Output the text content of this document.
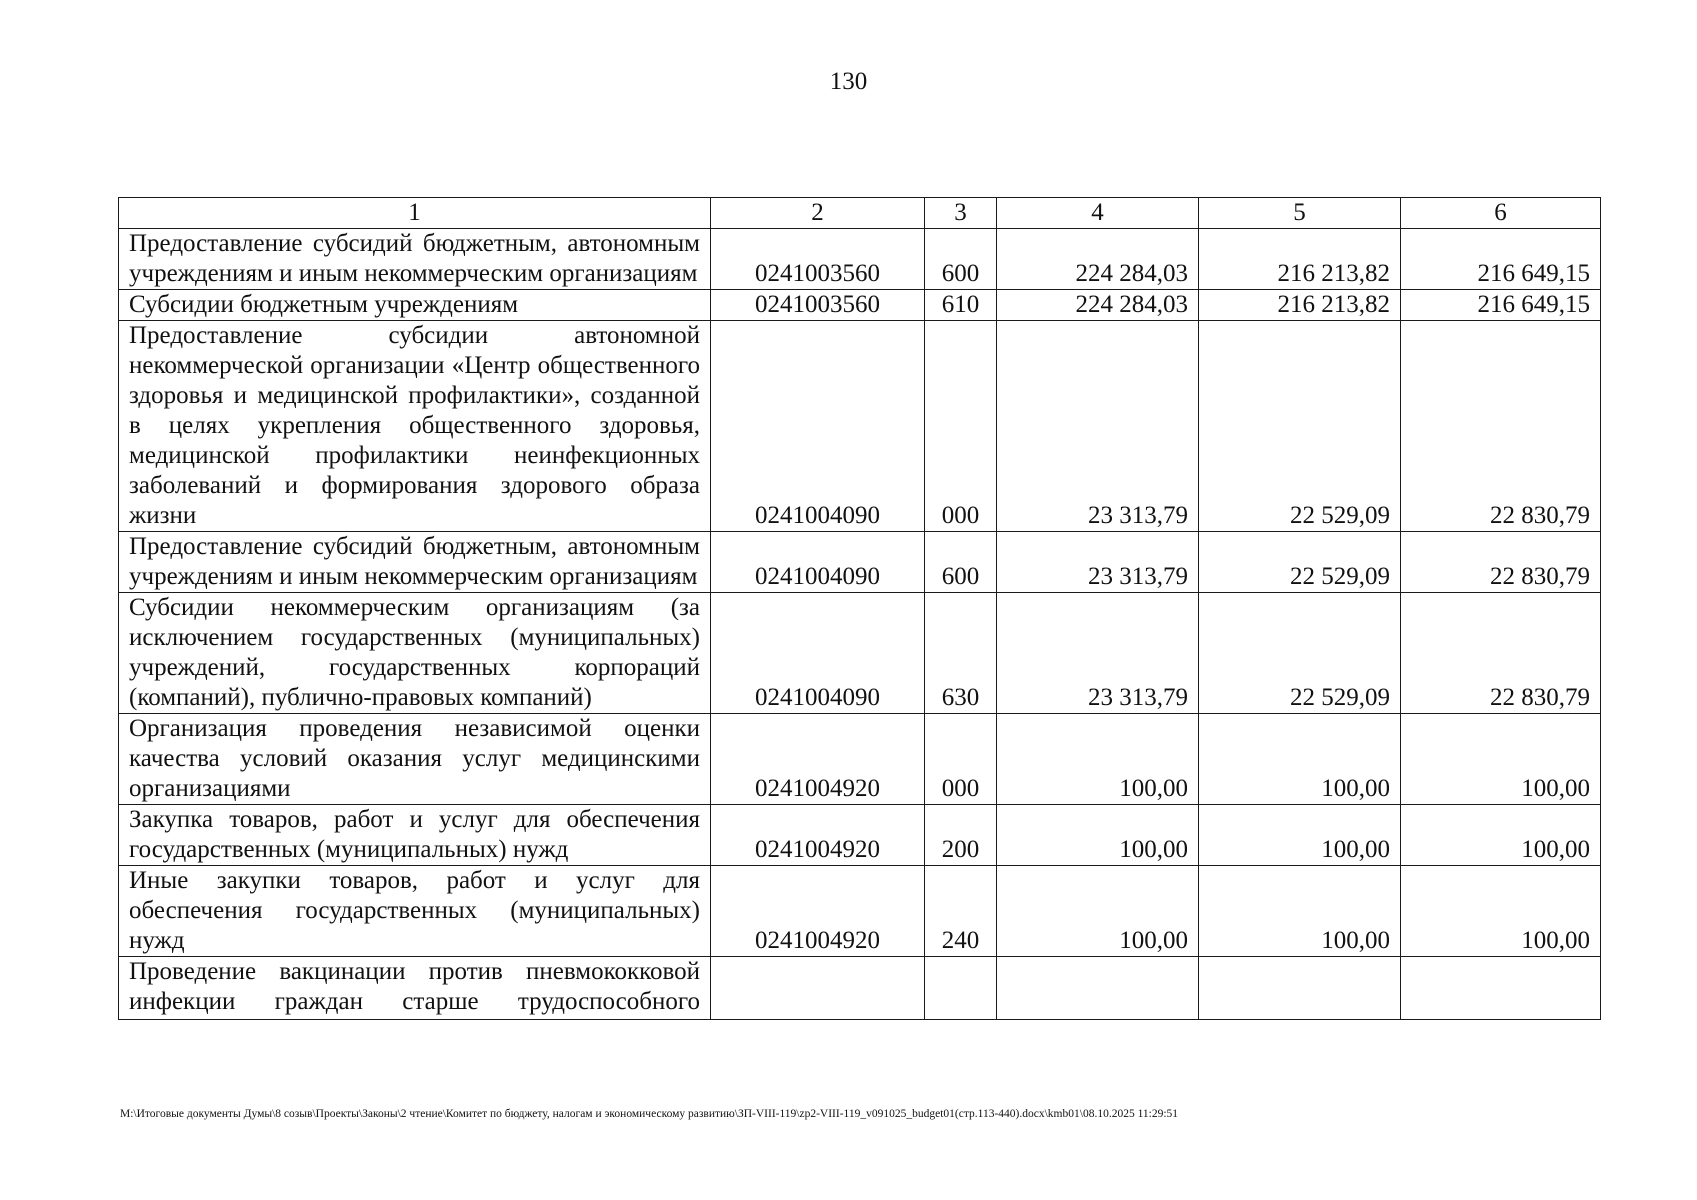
130
1	2	3	4	5	6
Предоставление субсидий бюджетным, автономным учреждениям и иным некоммерческим организациям	0241003560	600	224 284,03	216 213,82	216 649,15
Субсидии бюджетным учреждениям	0241003560	610	224 284,03	216 213,82	216 649,15
Предоставление субсидии автономной некоммерческой организации «Центр общественного здоровья и медицинской профилактики», созданной в целях укрепления общественного здоровья, медицинской профилактики неинфекционных заболеваний и формирования здорового образа жизни	0241004090	000	23 313,79	22 529,09	22 830,79
Предоставление субсидий бюджетным, автономным учреждениям и иным некоммерческим организациям	0241004090	600	23 313,79	22 529,09	22 830,79
Субсидии некоммерческим организациям (за исключением государственных (муниципальных) учреждений, государственных корпораций (компаний), публично-правовых компаний)	0241004090	630	23 313,79	22 529,09	22 830,79
Организация проведения независимой оценки качества условий оказания услуг медицинскими организациями	0241004920	000	100,00	100,00	100,00
Закупка товаров, работ и услуг для обеспечения государственных (муниципальных) нужд	0241004920	200	100,00	100,00	100,00
Иные закупки товаров, работ и услуг для обеспечения государственных (муниципальных) нужд	0241004920	240	100,00	100,00	100,00
Проведение вакцинации против пневмококковой инфекции граждан старше трудоспособного					
M:\Итоговые документы Думы\8 созыв\Проекты\Законы\2 чтение\Комитет по бюджету, налогам и экономическому развитию\ЗП-VIII-119\zp2-VIII-119_v091025_budget01(стр.113-440).docx\kmb01\08.10.2025 11:29:51
